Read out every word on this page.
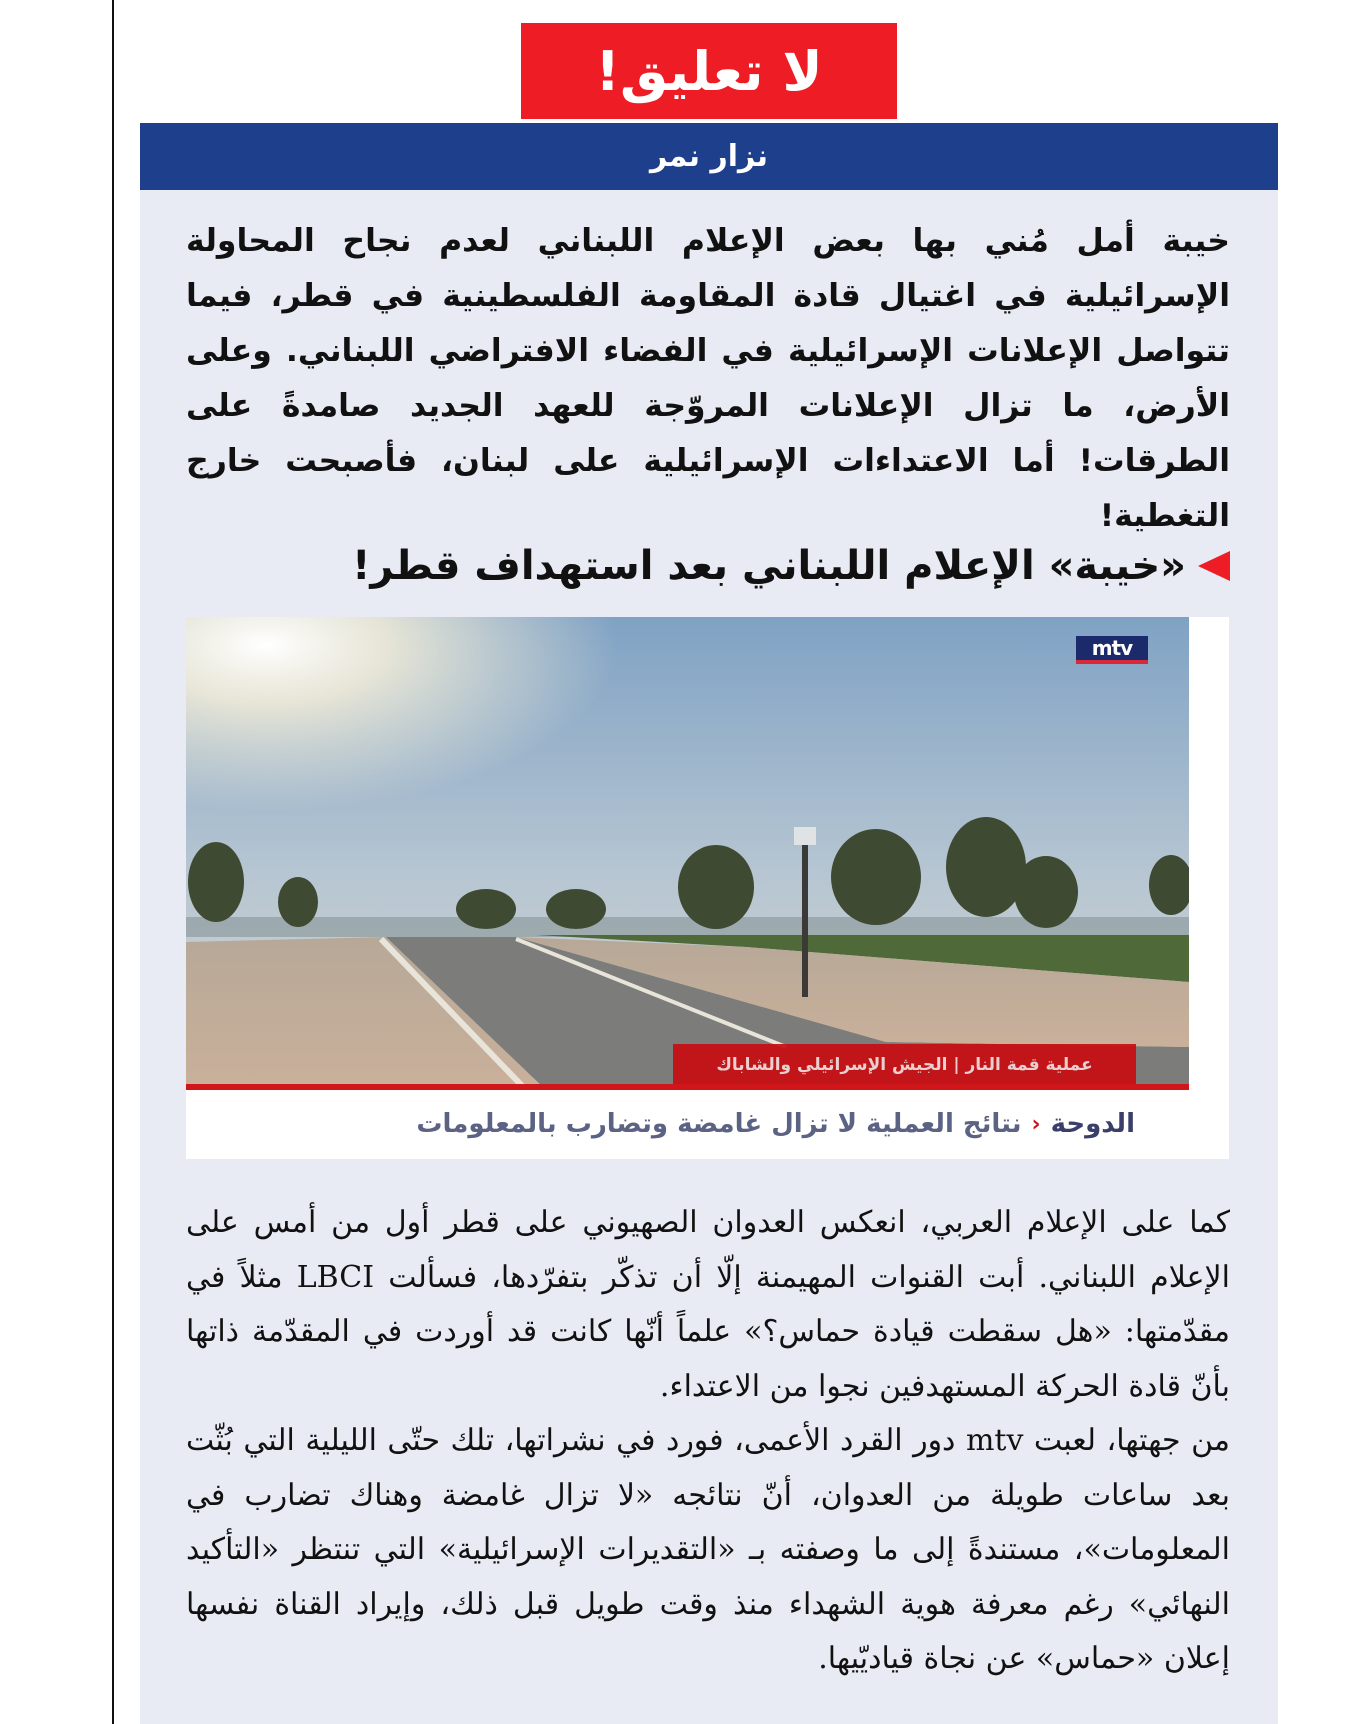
لا تعليق!
نزار نمر

خيبة أمل مُني بها بعض الإعلام اللبناني لعدم نجاح المحاولة الإسرائيلية في اغتيال قادة المقاومة الفلسطينية في قطر، فيما تتواصل الإعلانات الإسرائيلية في الفضاء الافتراضي اللبناني. وعلى الأرض، ما تزال الإعلانات المروّجة للعهد الجديد صامدةً على الطرقات! أما الاعتداءات الإسرائيلية على لبنان، فأصبحت خارج التغطية!

«خيبة» الإعلام اللبناني بعد استهداف قطر!
mtv
عملية قمة النار | الجيش الإسرائيلي والشاباك
الدوحة
‹
نتائج العملية لا تزال غامضة وتضارب بالمعلومات

كما على الإعلام العربي، انعكس العدوان الصهيوني على قطر أول من أمس على الإعلام اللبناني. أبت القنوات المهيمنة إلّا أن تذكّر بتفرّدها، فسألت LBCI مثلاً في مقدّمتها: «هل سقطت قيادة حماس؟» علماً أنّها كانت قد أوردت في المقدّمة ذاتها بأنّ قادة الحركة المستهدفين نجوا من الاعتداء.

من جهتها، لعبت mtv دور القرد الأعمى، فورد في نشراتها، تلك حتّى الليلية التي بُثّت بعد ساعات طويلة من العدوان، أنّ نتائجه «لا تزال غامضة وهناك تضارب في المعلومات»، مستندةً إلى ما وصفته بـ «التقديرات الإسرائيلية» التي تنتظر «التأكيد النهائي» رغم معرفة هوية الشهداء منذ وقت طويل قبل ذلك، وإيراد القناة نفسها إعلان «حماس» عن نجاة قياديّيها.
